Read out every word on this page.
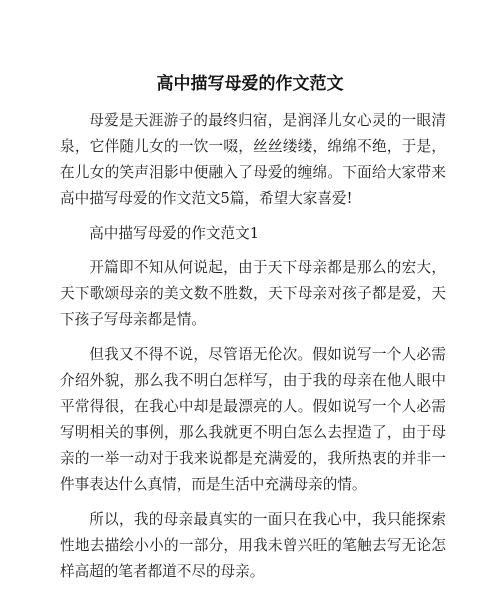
高中描写母爱的作文范文

母爱是天涯游子的最终归宿，是润泽儿女心灵的一眼清泉，它伴随儿女的一饮一啜，丝丝缕缕，绵绵不绝，于是，在儿女的笑声泪影中便融入了母爱的缠绵。下面给大家带来高中描写母爱的作文范文5篇，希望大家喜爱!

高中描写母爱的作文范文1

开篇即不知从何说起，由于天下母亲都是那么的宏大，天下歌颂母亲的美文数不胜数，天下母亲对孩子都是爱，天下孩子写母亲都是情。

但我又不得不说，尽管语无伦次。假如说写一个人必需介绍外貌，那么我不明白怎样写，由于我的母亲在他人眼中平常得很，在我心中却是最漂亮的人。假如说写一个人必需写明相关的事例，那么我就更不明白怎么去捏造了，由于母亲的一举一动对于我来说都是充满爱的，我所热衷的并非一件事表达什么真情，而是生活中充满母亲的情。

所以，我的母亲最真实的一面只在我心中，我只能探索性地去描绘小小的一部分，用我未曾兴旺的笔触去写无论怎样高超的笔者都道不尽的母亲。
